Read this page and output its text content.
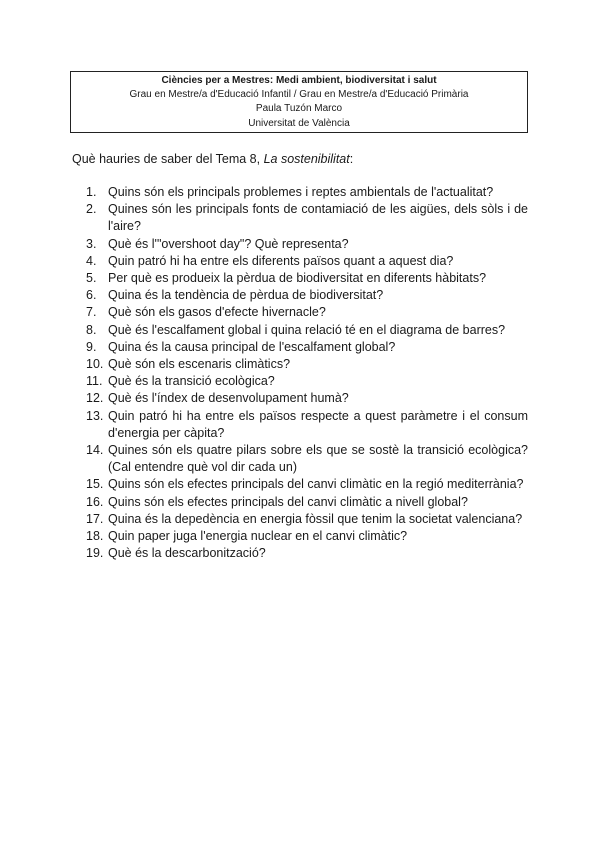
Ciències per a Mestres: Medi ambient, biodiversitat i salut
Grau en Mestre/a d'Educació Infantil / Grau en Mestre/a d'Educació Primària
Paula Tuzón Marco
Universitat de València
Què hauries de saber del Tema 8, La sostenibilitat:
1. Quins són els principals problemes i reptes ambientals de l'actualitat?
2. Quines són les principals fonts de contamiació de les aigües, dels sòls i de l'aire?
3. Què és l'"overshoot day"? Què representa?
4. Quin patró hi ha entre els diferents països quant a aquest dia?
5. Per què es produeix la pèrdua de biodiversitat en diferents hàbitats?
6. Quina és la tendència de pèrdua de biodiversitat?
7. Què són els gasos d'efecte hivernacle?
8. Què és l'escalfament global i quina relació té en el diagrama de barres?
9. Quina és la causa principal de l'escalfament global?
10. Què són els escenaris climàtics?
11. Què és la transició ecològica?
12. Què és l'índex de desenvolupament humà?
13. Quin patró hi ha entre els països respecte a quest paràmetre i el consum d'energia per càpita?
14. Quines són els quatre pilars sobre els que se sostè la transició ecològica? (Cal entendre què vol dir cada un)
15. Quins són els efectes principals del canvi climàtic en la regió mediterrània?
16. Quins són els efectes principals del canvi climàtic a nivell global?
17. Quina és la depedència en energia fòssil que tenim la societat valenciana?
18. Quin paper juga l'energia nuclear en el canvi climàtic?
19. Què és la descarbonització?
